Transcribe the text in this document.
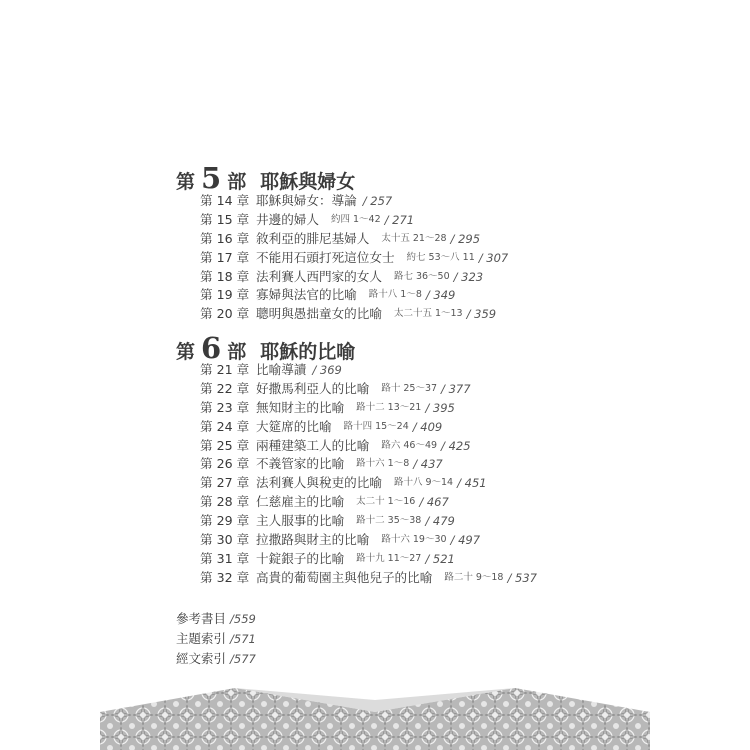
第 5 部 耶穌與婦女
第 14 章 耶穌與婦女：導論	/ 257
第 15 章 井邊的婦人 約四 1～42	/ 271
第 16 章 敘利亞的腓尼基婦人 太十五 21～28	/ 295
第 17 章 不能用石頭打死這位女士 約七 53～八 11	/ 307
第 18 章 法利賽人西門家的女人 路七 36～50	/ 323
第 19 章 寡婦與法官的比喻 路十八 1～8	/ 349
第 20 章 聰明與愚拙童女的比喻 太二十五 1～13	/ 359
第 6 部 耶穌的比喻
第 21 章 比喻導讀	/ 369
第 22 章 好撒馬利亞人的比喻 路十 25～37	/ 377
第 23 章 無知財主的比喻 路十二 13～21	/ 395
第 24 章 大筵席的比喻 路十四 15～24	/ 409
第 25 章 兩種建築工人的比喻 路六 46～49	/ 425
第 26 章 不義管家的比喻 路十六 1～8	/ 437
第 27 章 法利賽人與稅吏的比喻 路十八 9～14	/ 451
第 28 章 仁慈雇主的比喻 太二十 1～16	/ 467
第 29 章 主人服事的比喻 路十二 35～38	/ 479
第 30 章 拉撒路與財主的比喻 路十六 19～30	/ 497
第 31 章 十錠銀子的比喻 路十九 11～27	/ 521
第 32 章 高貴的葡萄園主與他兒子的比喻 路二十 9～18	/ 537
參考書目 / 559
主題索引 / 571
經文索引 / 577
